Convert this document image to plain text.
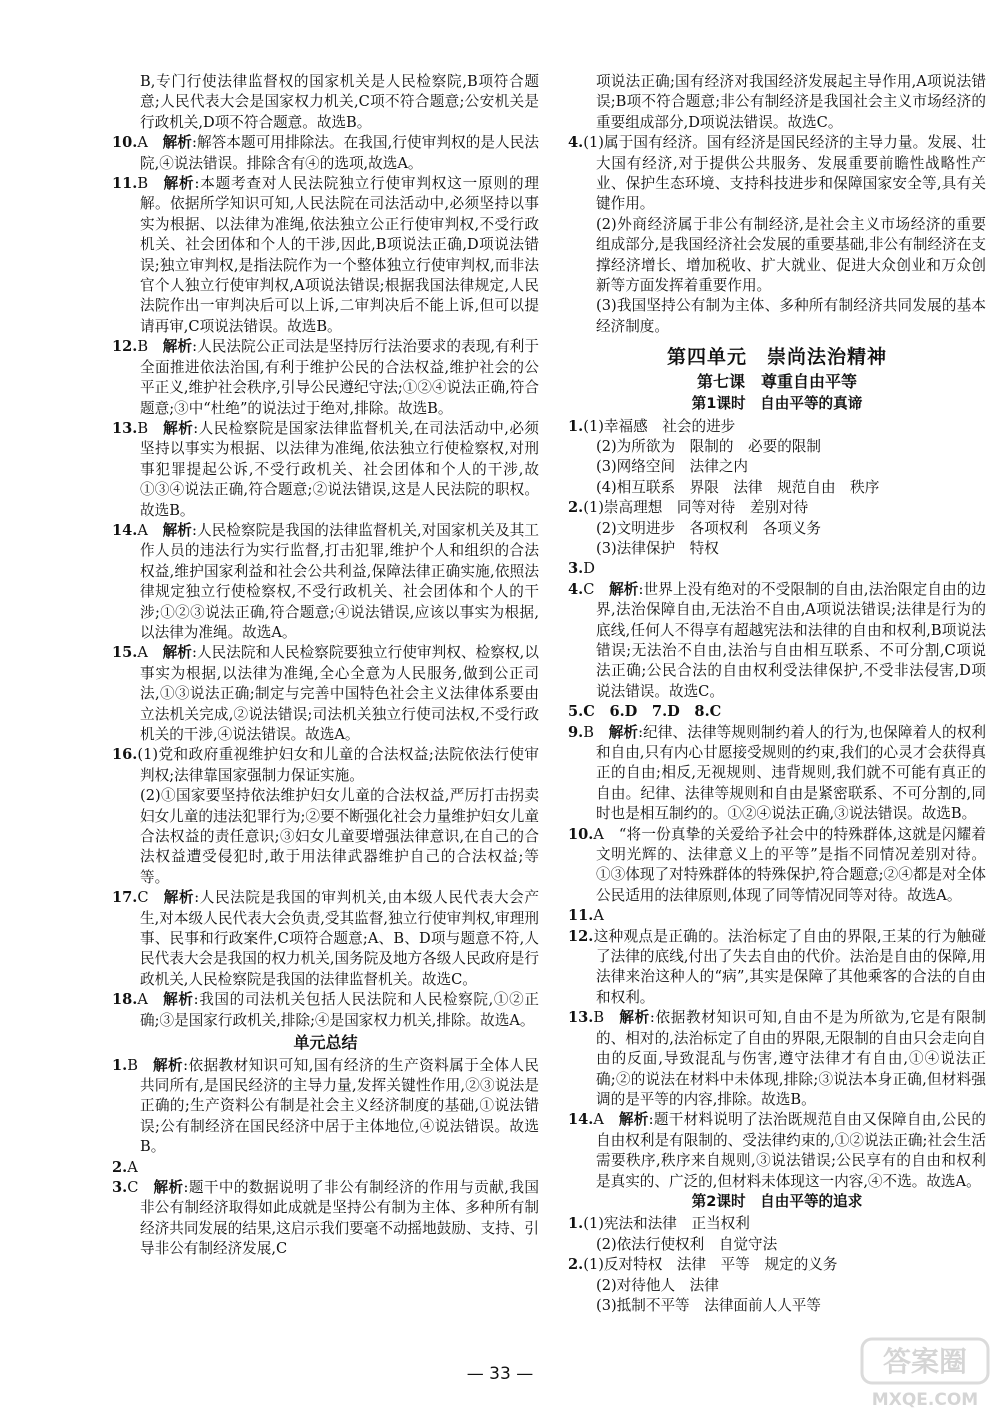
B,专门行使法律监督权的国家机关是人民检察院,B项符合题意;人民代表大会是国家权力机关,C项不符合题意;公安机关是行政机关,D项不符合题意。故选B。
10.A  解析:解答本题可用排除法。在我国,行使审判权的是人民法院,④说法错误。排除含有④的选项,故选A。
11.B  解析:本题考查对人民法院独立行使审判权这一原则的理解。依据所学知识可知,人民法院在司法活动中,必须坚持以事实为根据、以法律为准绳,依法独立公正行使审判权,不受行政机关、社会团体和个人的干涉,因此,B项说法正确,D项说法错误;独立审判权,是指法院作为一个整体独立行使审判权,而非法官个人独立行使审判权,A项说法错误;根据我国法律规定,人民法院作出一审判决后可以上诉,二审判决后不能上诉,但可以提请再审,C项说法错误。故选B。
12.B  解析:人民法院公正司法是坚持厉行法治要求的表现,有利于全面推进依法治国,有利于维护公民的合法权益,维护社会的公平正义,维护社会秩序,引导公民遵纪守法;①②④说法正确,符合题意;③中“杜绝”的说法过于绝对,排除。故选B。
13.B  解析:人民检察院是国家法律监督机关,在司法活动中,必须坚持以事实为根据、以法律为准绳,依法独立行使检察权,对刑事犯罪提起公诉,不受行政机关、社会团体和个人的干涉,故①③④说法正确,符合题意;②说法错误,这是人民法院的职权。故选B。
14.A  解析:人民检察院是我国的法律监督机关,对国家机关及其工作人员的违法行为实行监督,打击犯罪,维护个人和组织的合法权益,维护国家利益和社会公共利益,保障法律正确实施,依照法律规定独立行使检察权,不受行政机关、社会团体和个人的干涉;①②③说法正确,符合题意;④说法错误,应该以事实为根据,以法律为准绳。故选A。
15.A  解析:人民法院和人民检察院要独立行使审判权、检察权,以事实为根据,以法律为准绳,全心全意为人民服务,做到公正司法,①③说法正确;制定与完善中国特色社会主义法律体系要由立法机关完成,②说法错误;司法机关独立行使司法权,不受行政机关的干涉,④说法错误。故选A。
16.(1)党和政府重视维护妇女和儿童的合法权益;法院依法行使审判权;法律靠国家强制力保证实施。
(2)①国家要坚持依法维护妇女儿童的合法权益,严厉打击拐卖妇女儿童的违法犯罪行为;②要不断强化社会力量维护妇女儿童合法权益的责任意识;③妇女儿童要增强法律意识,在自己的合法权益遭受侵犯时,敢于用法律武器维护自己的合法权益;等等。
17.C  解析:人民法院是我国的审判机关,由本级人民代表大会产生,对本级人民代表大会负责,受其监督,独立行使审判权,审理刑事、民事和行政案件,C项符合题意;A、B、D项与题意不符,人民代表大会是我国的权力机关,国务院及地方各级人民政府是行政机关,人民检察院是我国的法律监督机关。故选C。
18.A  解析:我国的司法机关包括人民法院和人民检察院,①②正确;③是国家行政机关,排除;④是国家权力机关,排除。故选A。
单元总结
1.B  解析:依据教材知识可知,国有经济的生产资料属于全体人民共同所有,是国民经济的主导力量,发挥关键性作用,②③说法是正确的;生产资料公有制是社会主义经济制度的基础,①说法错误;公有制经济在国民经济中居于主体地位,④说法错误。故选B。
2.A
3.C  解析:题干中的数据说明了非公有制经济的作用与贡献,我国非公有制经济取得如此成就是坚持公有制为主体、多种所有制经济共同发展的结果,这启示我们要毫不动摇地鼓励、支持、引导非公有制经济发展,C
项说法正确;国有经济对我国经济发展起主导作用,A项说法错误;B项不符合题意;非公有制经济是我国社会主义市场经济的重要组成部分,D项说法错误。故选C。
4.(1)属于国有经济。国有经济是国民经济的主导力量。发展、壮大国有经济,对于提供公共服务、发展重要前瞻性战略性产业、保护生态环境、支持科技进步和保障国家安全等,具有关键作用。
(2)外商经济属于非公有制经济,是社会主义市场经济的重要组成部分,是我国经济社会发展的重要基础,非公有制经济在支撑经济增长、增加税收、扩大就业、促进大众创业和万众创新等方面发挥着重要作用。
(3)我国坚持公有制为主体、多种所有制经济共同发展的基本经济制度。
第四单元　崇尚法治精神
第七课　尊重自由平等
第1课时　自由平等的真谛
1.(1)幸福感　社会的进步
(2)为所欲为　限制的　必要的限制
(3)网络空间　法律之内
(4)相互联系　界限　法律　规范自由　秩序
2.(1)崇高理想　同等对待　差别对待
(2)文明进步　各项权利　各项义务
(3)法律保护　特权
3.D
4.C  解析:世界上没有绝对的不受限制的自由,法治限定自由的边界,法治保障自由,无法治不自由,A项说法错误;法律是行为的底线,任何人不得享有超越宪法和法律的自由和权利,B项说法错误;无法治不自由,法治与自由相互联系、不可分割,C项说法正确;公民合法的自由权利受法律保护,不受非法侵害,D项说法错误。故选C。
5.C　6.D　7.D　8.C
9.B  解析:纪律、法律等规则制约着人的行为,也保障着人的权利和自由,只有内心甘愿接受规则的约束,我们的心灵才会获得真正的自由;相反,无视规则、违背规则,我们就不可能有真正的自由。纪律、法律等规则和自由是紧密联系、不可分割的,同时也是相互制约的。①②④说法正确,③说法错误。故选B。
10.A　“将一份真挚的关爱给予社会中的特殊群体,这就是闪耀着文明光辉的、法律意义上的平等”是指不同情况差别对待。①③体现了对特殊群体的特殊保护,符合题意;②④都是对全体公民适用的法律原则,体现了同等情况同等对待。故选A。
11.A
12.这种观点是正确的。法治标定了自由的界限,王某的行为触碰了法律的底线,付出了失去自由的代价。法治是自由的保障,用法律来治这种人的“病”,其实是保障了其他乘客的合法的自由和权利。
13.B  解析:依据教材知识可知,自由不是为所欲为,它是有限制的、相对的,法治标定了自由的界限,无限制的自由只会走向自由的反面,导致混乱与伤害,遵守法律才有自由,①④说法正确;②的说法在材料中未体现,排除;③说法本身正确,但材料强调的是平等的内容,排除。故选B。
14.A  解析:题干材料说明了法治既规范自由又保障自由,公民的自由权利是有限制的、受法律约束的,①②说法正确;社会生活需要秩序,秩序来自规则,③说法错误;公民享有的自由和权利是真实的、广泛的,但材料未体现这一内容,④不选。故选A。
第2课时　自由平等的追求
1.(1)宪法和法律　正当权利
(2)依法行使权利　自觉守法
2.(1)反对特权　法律　平等　规定的义务
(2)对待他人　法律
(3)抵制不平等　法律面前人人平等
— 33 —	答案圈
MXQE.COM
